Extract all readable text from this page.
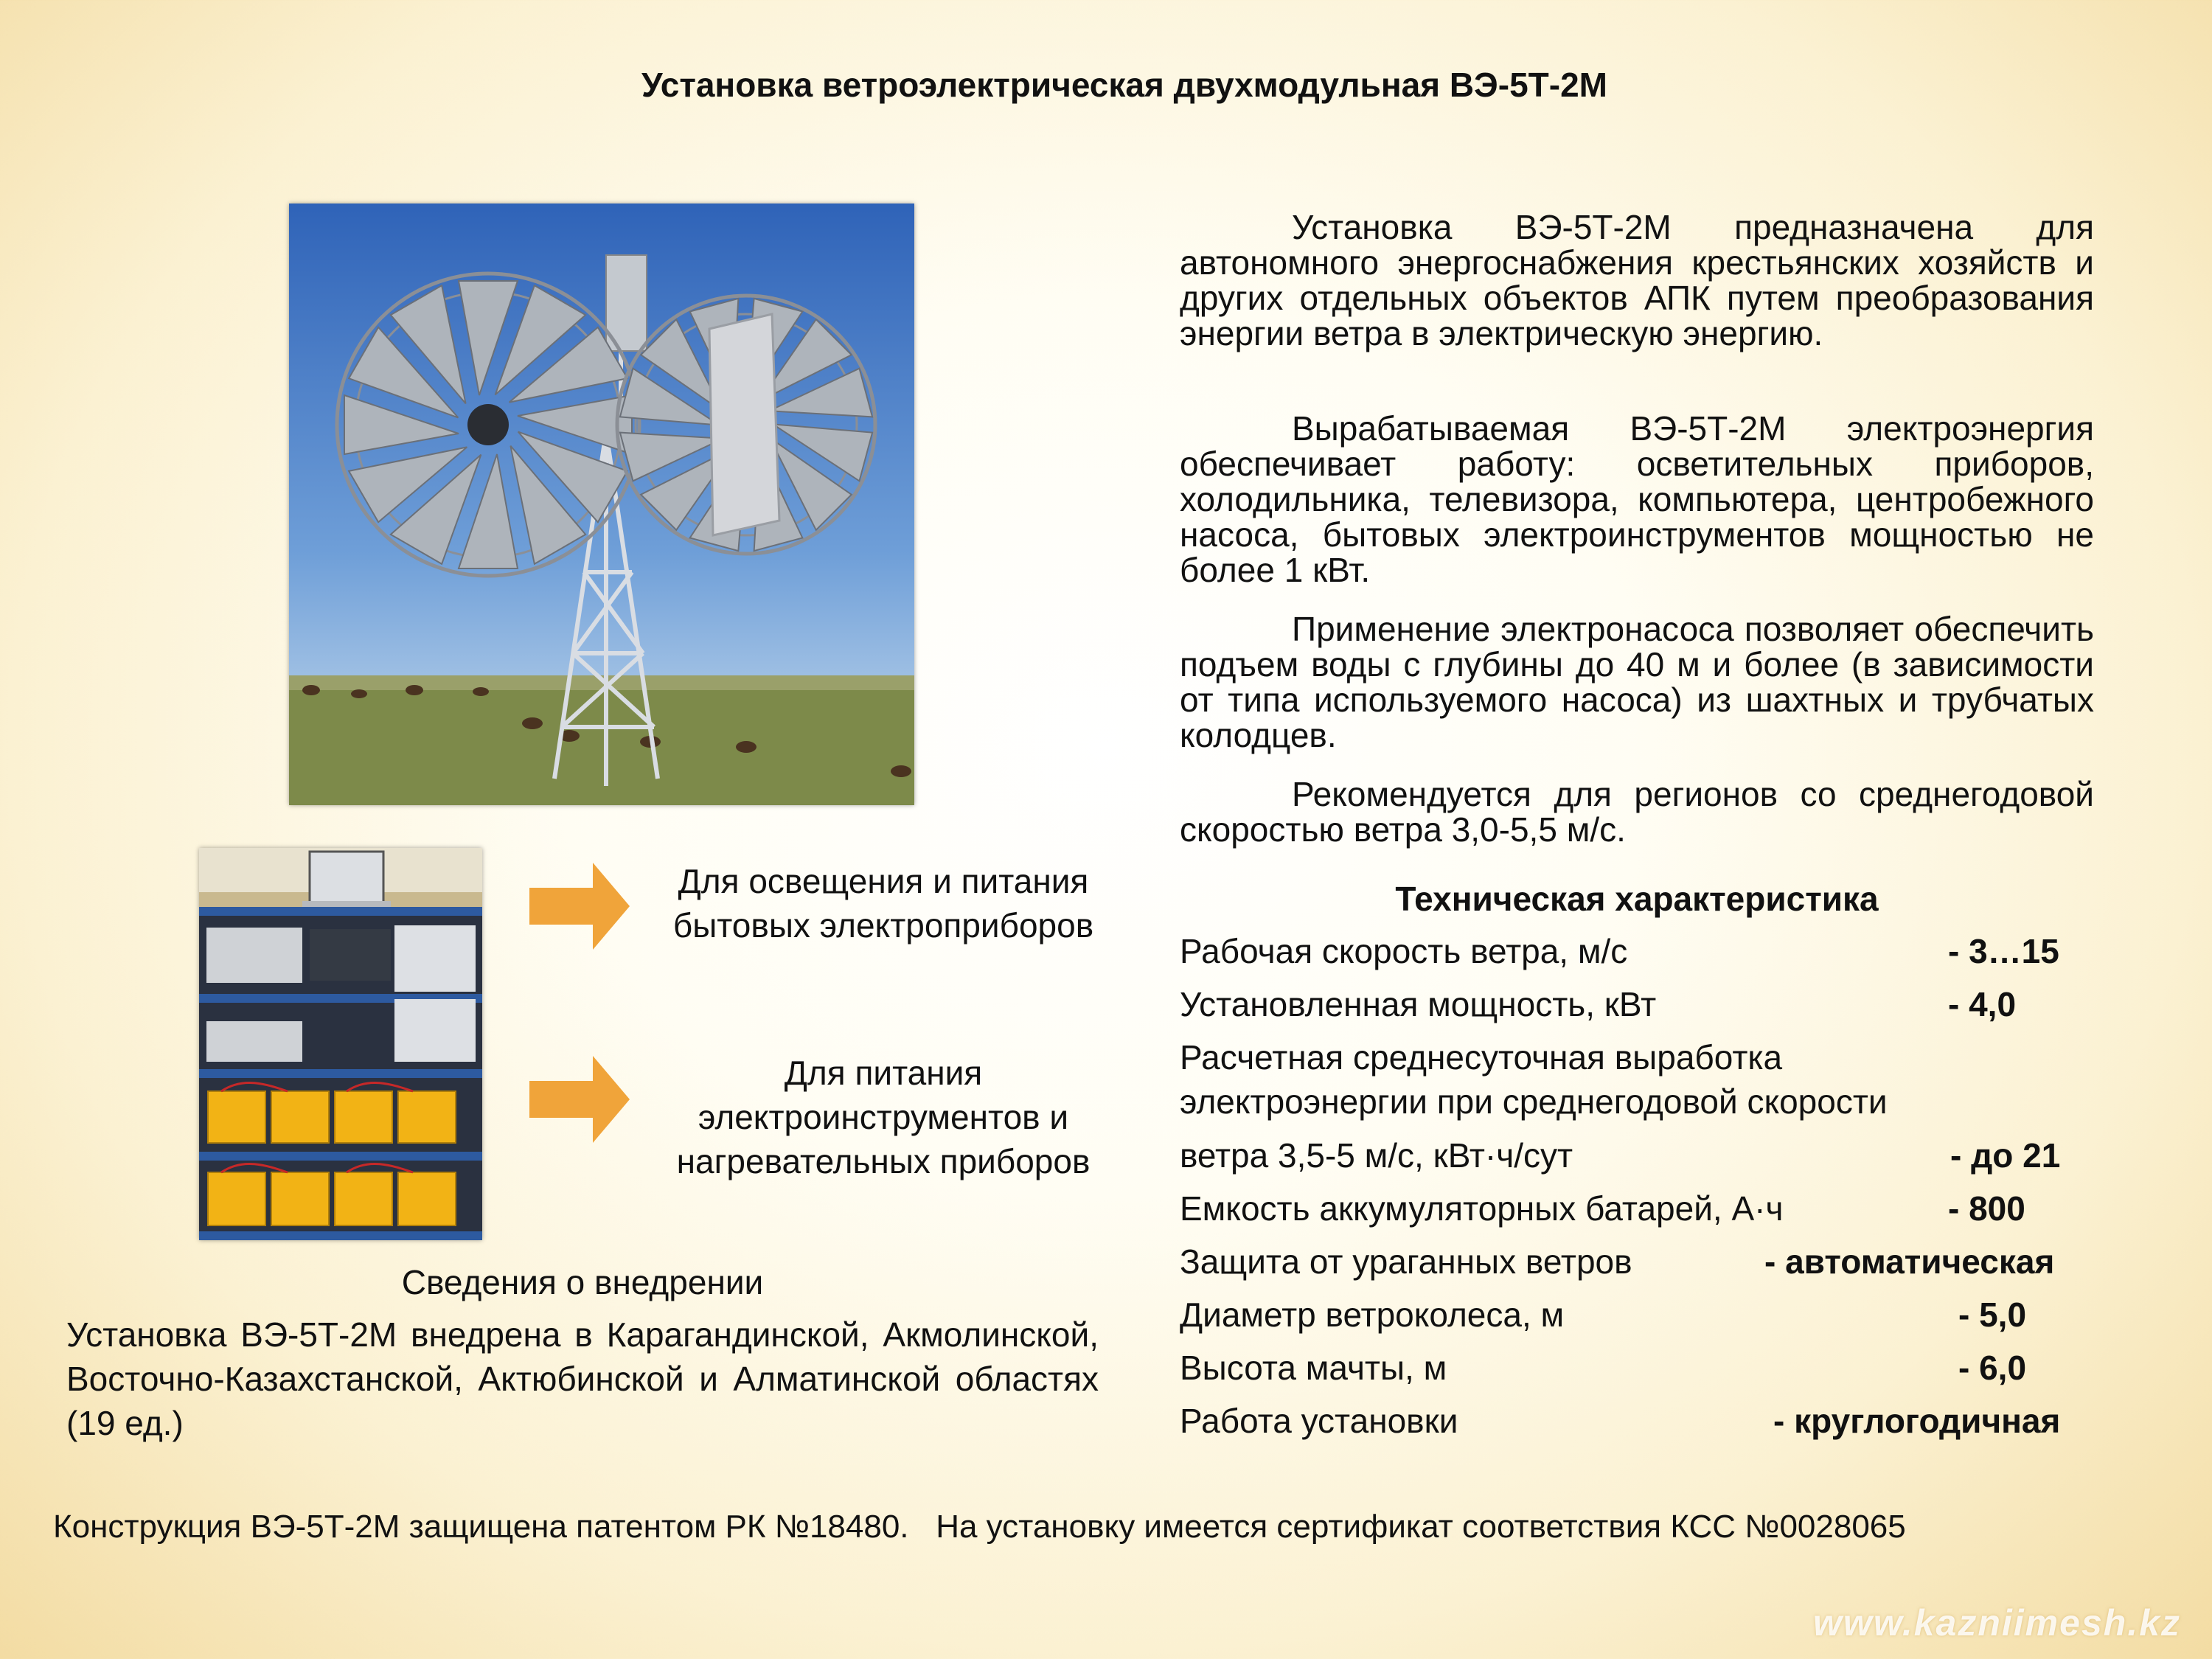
Установка ветроэлектрическая двухмодульная ВЭ-5Т-2М
Для освещения и питания бытовых электроприборов
Для питания электроинструментов и нагревательных приборов

Установка ВЭ-5Т-2М предназначена для автономного энергоснабжения крестьянских хозяйств и других отдельных объектов АПК путем преобразования энергии ветра в электрическую энергию.

Вырабатываемая ВЭ-5Т-2М электроэнергия обеспечивает работу: осветительных приборов, холодильника, телевизора, компьютера, центробежного насоса, бытовых электроинструментов мощностью не более 1 кВт.

Применение электронасоса позволяет обеспечить подъем воды с глубины до 40 м и более (в зависимости от типа используемого насоса) из шахтных и трубчатых колодцев.

Рекомендуется для регионов со среднегодовой скоростью ветра 3,0-5,5 м/с.

Техническая характеристика
Рабочая скорость ветра, м/с	- 3…15
Установленная мощность, кВт	- 4,0
Расчетная среднесуточная выработка
электроэнергии при среднегодовой скорости
ветра 3,5-5 м/с, кВт·ч/сут	- до 21
Емкость аккумуляторных батарей, А·ч	- 800
Защита от ураганных ветров	- автоматическая
Диаметр ветроколеса, м	- 5,0
Высота мачты, м	- 6,0
Работа установки	- круглогодичная
Сведения о внедрении

Установка ВЭ-5Т-2М внедрена в Карагандинской, Акмолинской, Восточно-Казахстанской, Актюбинской и Алматинской областях (19 ед.)

Конструкция ВЭ-5Т-2М защищена патентом РК №18480.   На установку имеется сертификат соответствия КСС №0028065
www.kazniimesh.kz
